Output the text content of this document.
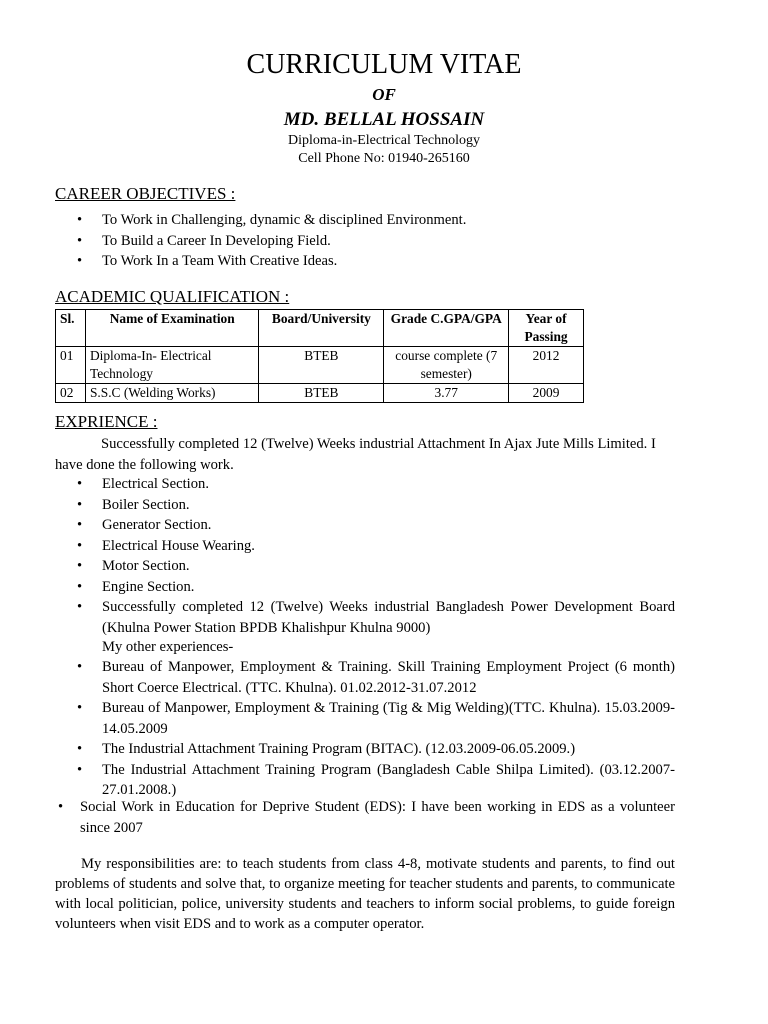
CURRICULUM VITAE
OF
MD. BELLAL HOSSAIN
Diploma-in-Electrical Technology
Cell Phone No: 01940-265160
CAREER OBJECTIVES :
• To Work in Challenging, dynamic & disciplined Environment.
• To Build a Career In Developing Field.
• To Work In a Team With Creative Ideas.
ACADEMIC QUALIFICATION :
Sl.	Name of Examination	Board/University	Grade C.GPA/GPA	Year of Passing
01	Diploma-In- Electrical Technology	BTEB	course complete (7 semester)	2012
02	S.S.C (Welding Works)	BTEB	3.77	2009
EXPRIENCE :
Successfully completed 12 (Twelve) Weeks industrial Attachment In Ajax Jute Mills Limited. I have done the following work.
• Electrical Section.
• Boiler Section.
• Generator Section.
• Electrical House Wearing.
• Motor Section.
• Engine Section.
• Successfully completed 12 (Twelve) Weeks industrial Bangladesh Power Development Board (Khulna Power Station BPDB Khalishpur Khulna 9000)
My other experiences-
• Bureau of Manpower, Employment & Training. Skill Training Employment Project (6 month) Short Coerce Electrical. (TTC. Khulna). 01.02.2012-31.07.2012
• Bureau of Manpower, Employment & Training (Tig & Mig Welding)(TTC. Khulna). 15.03.2009-14.05.2009
• The Industrial Attachment Training Program (BITAC). (12.03.2009-06.05.2009.)
• The Industrial Attachment Training Program (Bangladesh Cable Shilpa Limited). (03.12.2007-27.01.2008.)
• Social Work in Education for Deprive Student (EDS): I have been working in EDS as a volunteer since 2007
My responsibilities are: to teach students from class 4-8, motivate students and parents, to find out problems of students and solve that, to organize meeting for teacher students and parents, to communicate with local politician, police, university students and teachers to inform social problems, to guide foreign volunteers when visit EDS and to work as a computer operator.
